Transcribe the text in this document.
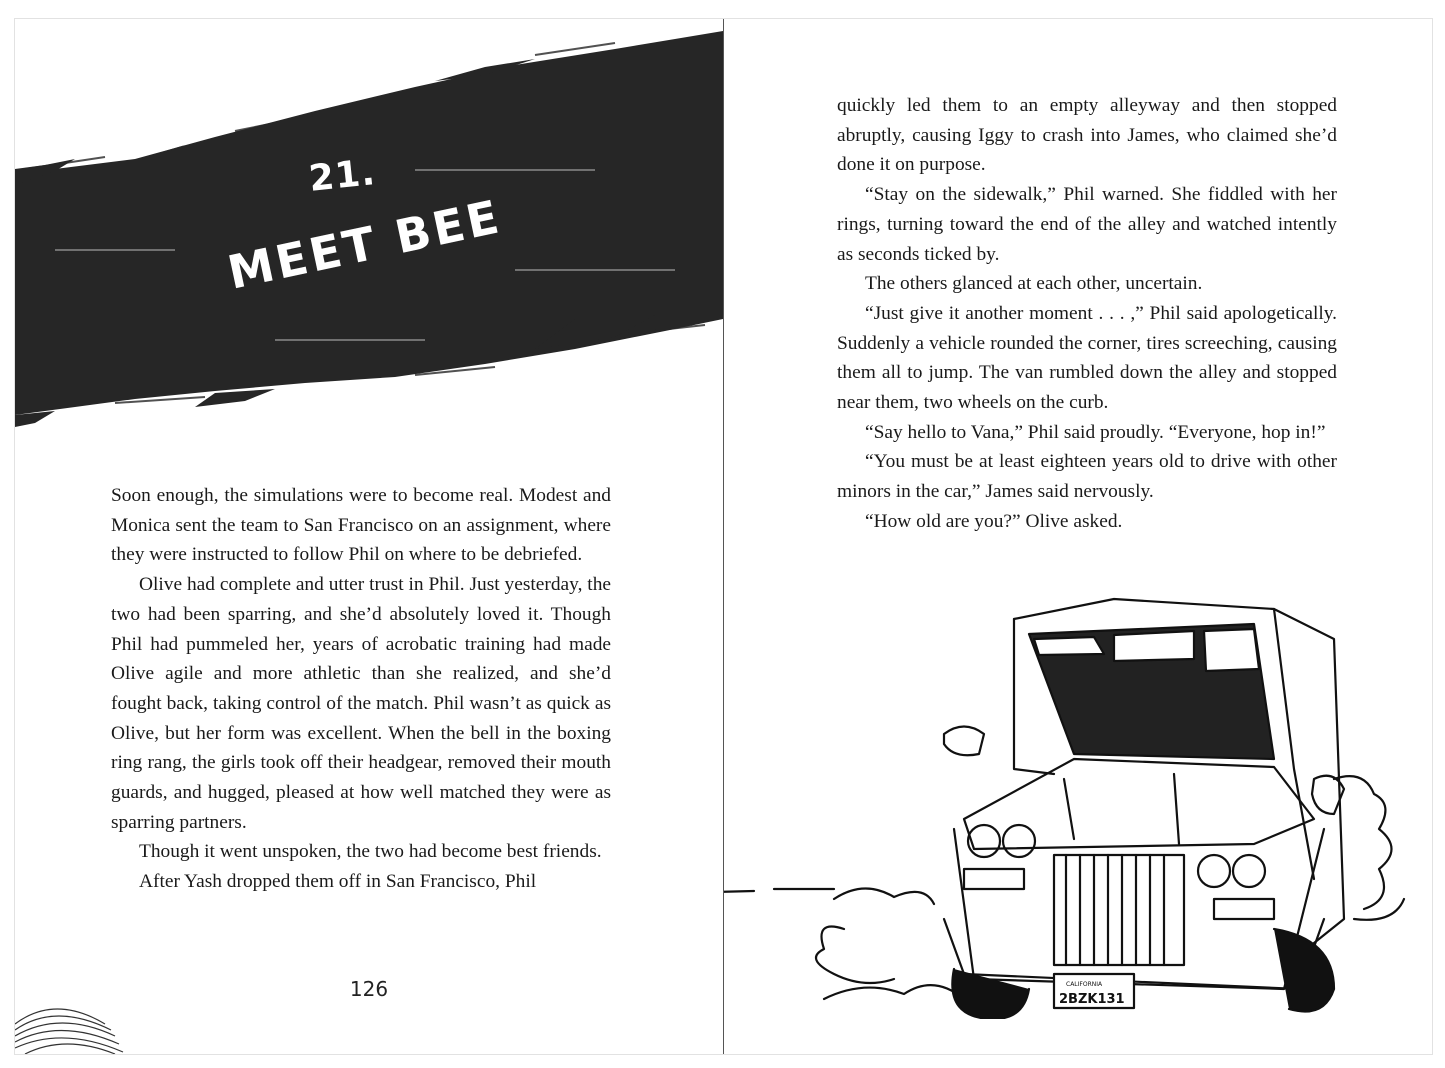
21.
MEET BEE

Soon enough, the simulations were to become real. Modest and Monica sent the team to San Francisco on an assignment, where they were instructed to follow Phil on where to be debriefed.

Olive had complete and utter trust in Phil. Just yesterday, the two had been sparring, and she’d absolutely loved it. Though Phil had pummeled her, years of acrobatic training had made Olive agile and more athletic than she realized, and she’d fought back, taking control of the match. Phil wasn’t as quick as Olive, but her form was excellent. When the bell in the boxing ring rang, the girls took off their headgear, removed their mouth guards, and hugged, pleased at how well matched they were as sparring partners.

Though it went unspoken, the two had become best friends.

After Yash dropped them off in San Francisco, Phil

126

quickly led them to an empty alleyway and then stopped abruptly, causing Iggy to crash into James, who claimed she’d done it on purpose.

“Stay on the sidewalk,” Phil warned. She fiddled with her rings, turning toward the end of the alley and watched intently as seconds ticked by.

The others glanced at each other, uncertain.

“Just give it another moment . . . ,” Phil said apologetically. Suddenly a vehicle rounded the corner, tires screeching, causing them all to jump. The van rumbled down the alley and stopped near them, two wheels on the curb.

“Say hello to Vana,” Phil said proudly. “Everyone, hop in!”

“You must be at least eighteen years old to drive with other minors in the car,” James said nervously.

“How old are you?” Olive asked.

CALIFORNIA
2BZK131
